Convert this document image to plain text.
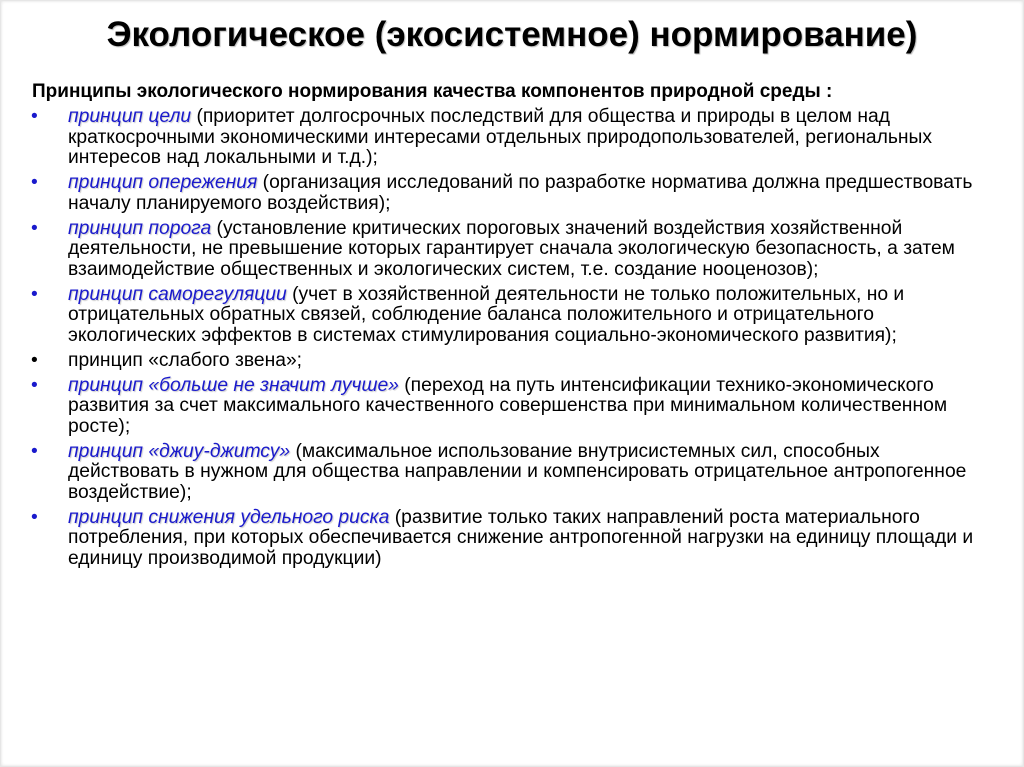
Экологическое (экосистемное) нормирование)
Принципы экологического нормирования качества компонентов природной среды :
•	принцип цели (приоритет долгосрочных последствий для общества и природы в целом над краткосрочными экономическими интересами отдельных природопользователей, региональных интересов над локальными и т.д.);
•	принцип опережения (организация исследований по разработке норматива должна предшествовать началу планируемого воздействия);
•	принцип порога (установление критических пороговых значений воздействия хозяйственной деятельности, не превышение которых гарантирует сначала экологическую безопасность, а затем взаимодействие общественных и экологических систем, т.е. создание нооценозов);
•	принцип саморегуляции (учет в хозяйственной деятельности не только положительных, но и отрицательных обратных связей, соблюдение баланса положительного и отрицательного экологических эффектов в системах стимулирования социально-экономического развития);
•	принцип «слабого звена»;
•	принцип «больше не значит лучше» (переход на путь интенсификации технико-экономического развития за счет максимального качественного совершенства при минимальном количественном росте);
•	принцип «джиу-джитсу» (максимальное использование внутрисистемных сил, способных действовать в нужном для общества направлении и компенсировать отрицательное антропогенное воздействие);
•	принцип снижения удельного риска (развитие только таких направлений роста материального потребления, при которых обеспечивается снижение антропогенной нагрузки на единицу площади и единицу производимой продукции)
